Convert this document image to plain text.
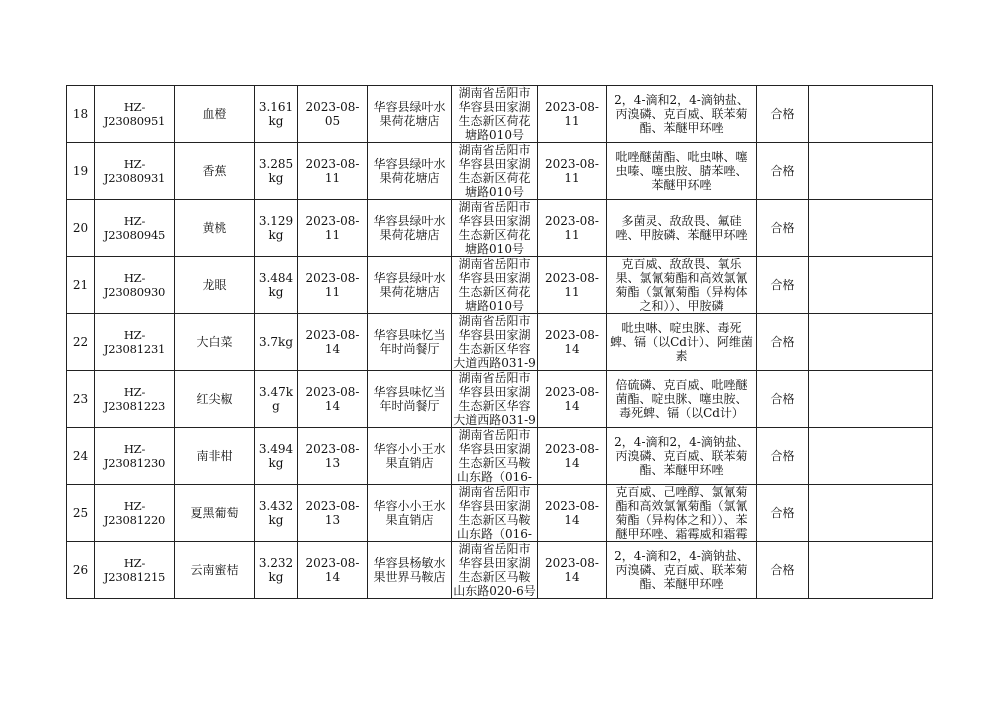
18	HZ-J23080951	血橙	3.161kg	2023-08-05	华容县绿叶水果荷花塘店	湖南省岳阳市华容县田家湖生态新区荷花塘路010号	2023-08-11	2，4-滴和2，4-滴钠盐、丙溴磷、克百威、联苯菊酯、苯醚甲环唑	合格	

19	HZ-J23080931	香蕉	3.285kg	2023-08-11	华容县绿叶水果荷花塘店	湖南省岳阳市华容县田家湖生态新区荷花塘路010号	2023-08-11	吡唑醚菌酯、吡虫啉、噻虫嗪、噻虫胺、腈苯唑、苯醚甲环唑	合格	

20	HZ-J23080945	黄桃	3.129kg	2023-08-11	华容县绿叶水果荷花塘店	湖南省岳阳市华容县田家湖生态新区荷花塘路010号	2023-08-11	多菌灵、敌敌畏、氟硅唑、甲胺磷、苯醚甲环唑	合格	

21	HZ-J23080930	龙眼	3.484kg	2023-08-11	华容县绿叶水果荷花塘店	湖南省岳阳市华容县田家湖生态新区荷花塘路010号	2023-08-11	克百威、敌敌畏、氧乐果、氯氰菊酯和高效氯氰菊酯（氯氰菊酯（异构体之和））、甲胺磷	合格	

22	HZ-J23081231	大白菜	3.7kg	2023-08-14	华容县味忆当年时尚餐厅	湖南省岳阳市华容县田家湖生态新区华容大道西路031-9	2023-08-14	吡虫啉、啶虫脒、毒死蜱、镉（以Cd计）、阿维菌素	合格	

23	HZ-J23081223	红尖椒	3.47kg	2023-08-14	华容县味忆当年时尚餐厅	湖南省岳阳市华容县田家湖生态新区华容大道西路031-9	2023-08-14	倍硫磷、克百威、吡唑醚菌酯、啶虫脒、噻虫胺、毒死蜱、镉（以Cd计）	合格	

24	HZ-J23081230	南非柑	3.494kg	2023-08-13	华容小小王水果直销店	湖南省岳阳市华容县田家湖生态新区马鞍山东路（016-	2023-08-14	2，4-滴和2，4-滴钠盐、丙溴磷、克百威、联苯菊酯、苯醚甲环唑	合格	

25	HZ-J23081220	夏黑葡萄	3.432kg	2023-08-13	华容小小王水果直销店	湖南省岳阳市华容县田家湖生态新区马鞍山东路（016-	2023-08-14	克百威、己唑醇、氯氰菊酯和高效氯氰菊酯（氯氰菊酯（异构体之和））、苯醚甲环唑、霜霉威和霜霉	合格	

26	HZ-J23081215	云南蜜桔	3.232kg	2023-08-14	华容县杨敏水果世界马鞍店	湖南省岳阳市华容县田家湖生态新区马鞍山东路020-6号	2023-08-14	2，4-滴和2，4-滴钠盐、丙溴磷、克百威、联苯菊酯、苯醚甲环唑	合格	
